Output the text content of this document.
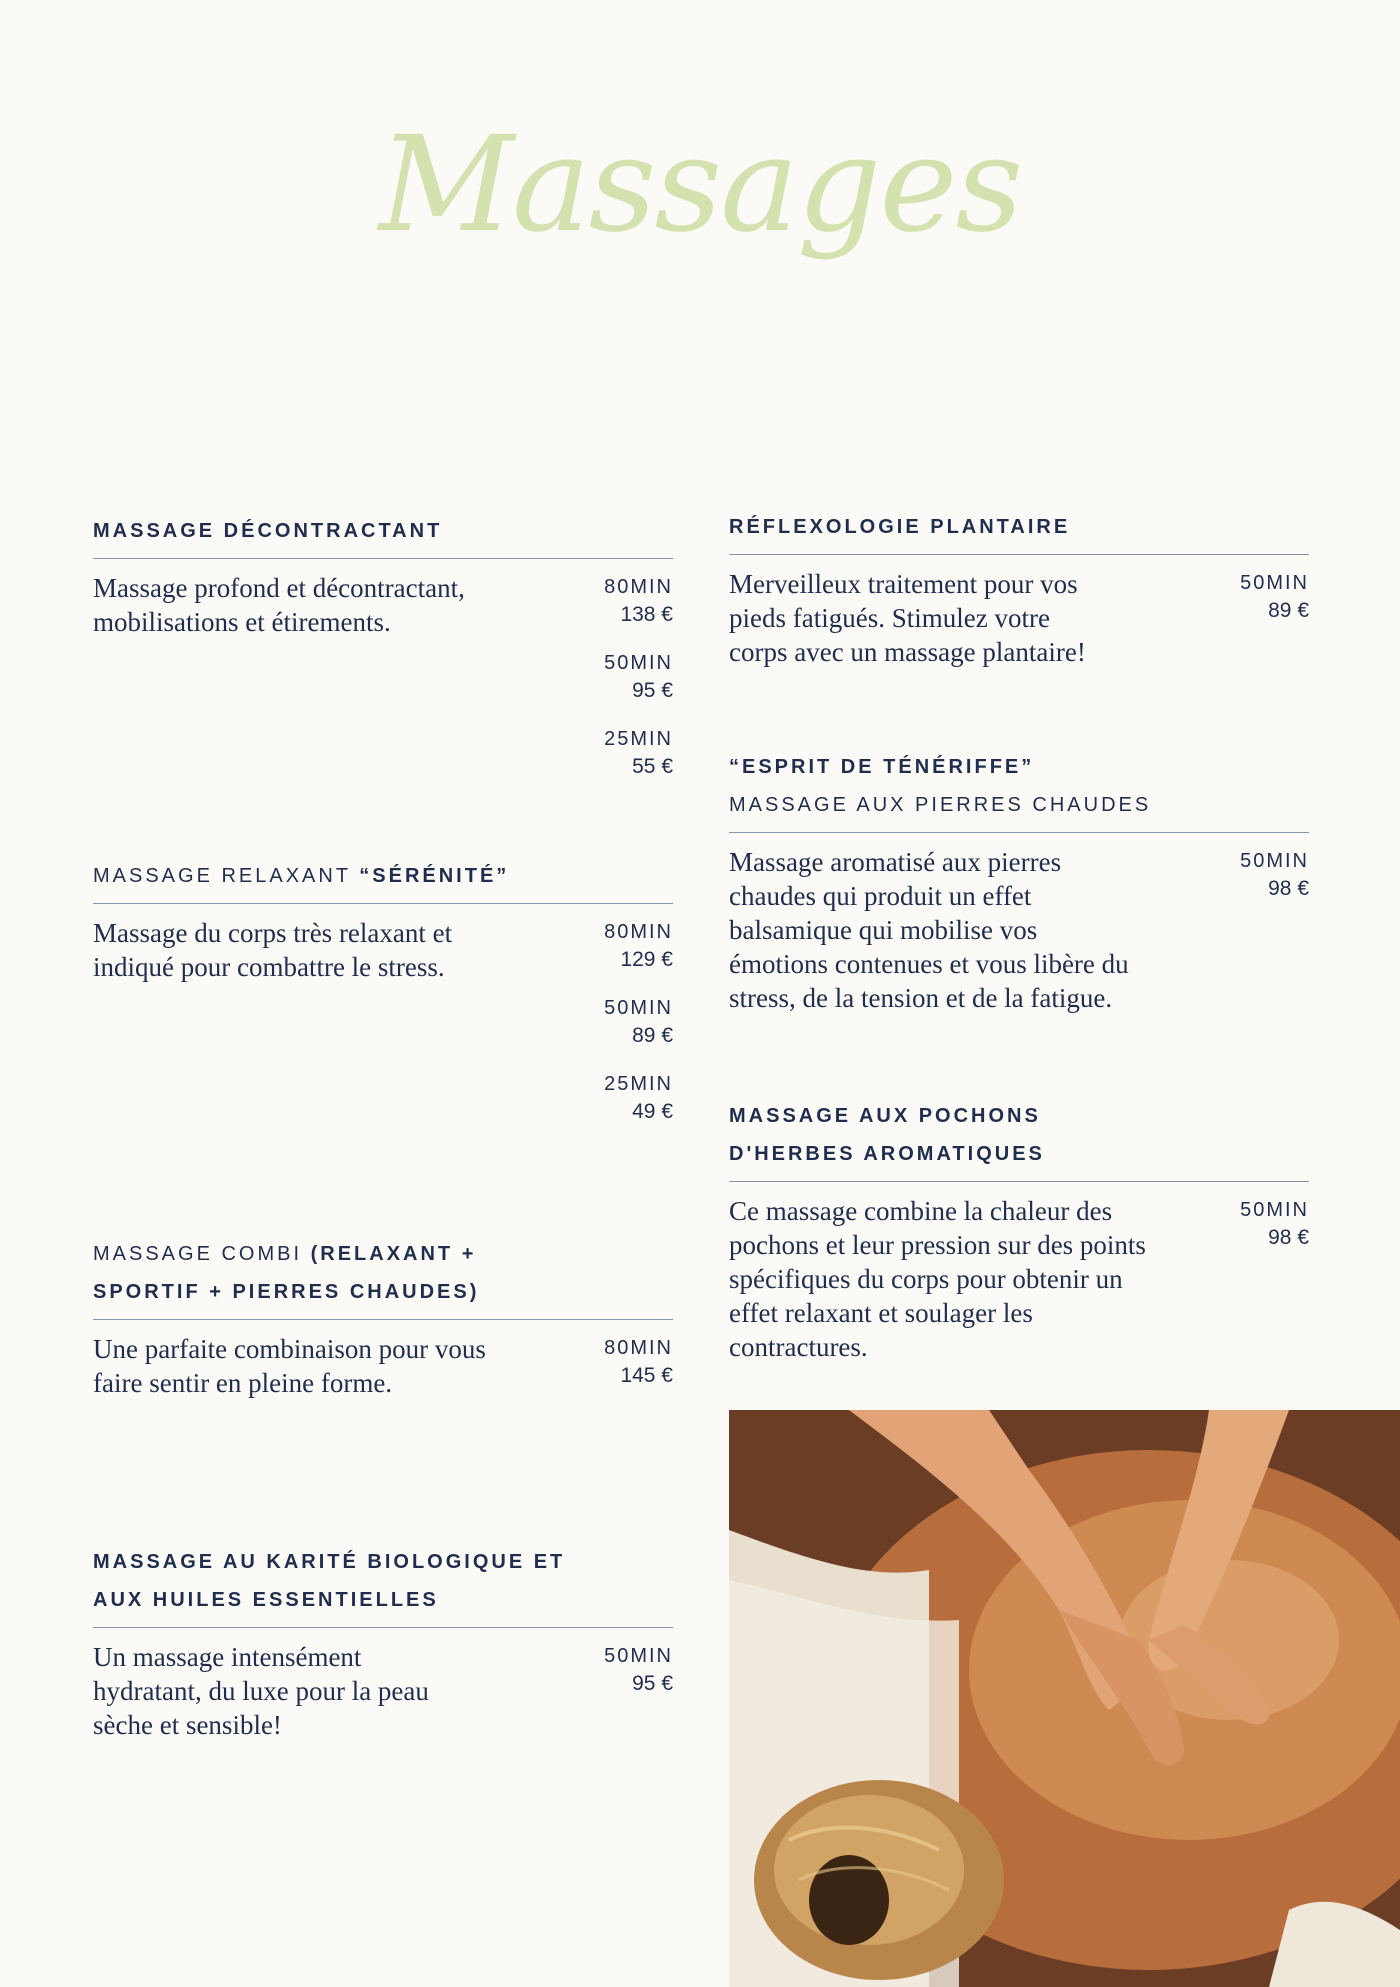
Massages

MASSAGE DÉCONTRACTANT

Massage profond et décontractant, mobilisations et étirements.

80MIN
138 €
50MIN
95 €
25MIN
55 €

MASSAGE RELAXANT “SÉRÉNITÉ”

Massage du corps très relaxant et indiqué pour combattre le stress.

80MIN
129 €
50MIN
89 €
25MIN
49 €

MASSAGE COMBI (RELAXANT + SPORTIF + PIERRES CHAUDES)

Une parfaite combinaison pour vous faire sentir en pleine forme.

80MIN
145 €

MASSAGE AU KARITÉ BIOLOGIQUE ET AUX HUILES ESSENTIELLES

Un massage intensément hydratant, du luxe pour la peau sèche et sensible!

50MIN
95 €

RÉFLEXOLOGIE PLANTAIRE

Merveilleux traitement pour vos pieds fatigués. Stimulez votre corps avec un massage plantaire!

50MIN
89 €

“ESPRIT DE TÉNÉRIFFE”

MASSAGE AUX PIERRES CHAUDES

Massage aromatisé aux pierres chaudes qui produit un effet balsamique qui mobilise vos émotions contenues et vous libère du stress, de la tension et de la fatigue.

50MIN
98 €

MASSAGE AUX POCHONS D'HERBES AROMATIQUES

Ce massage combine la chaleur des pochons et leur pression sur des points spécifiques du corps pour obtenir un effet relaxant et soulager les contractures.

50MIN
98 €
